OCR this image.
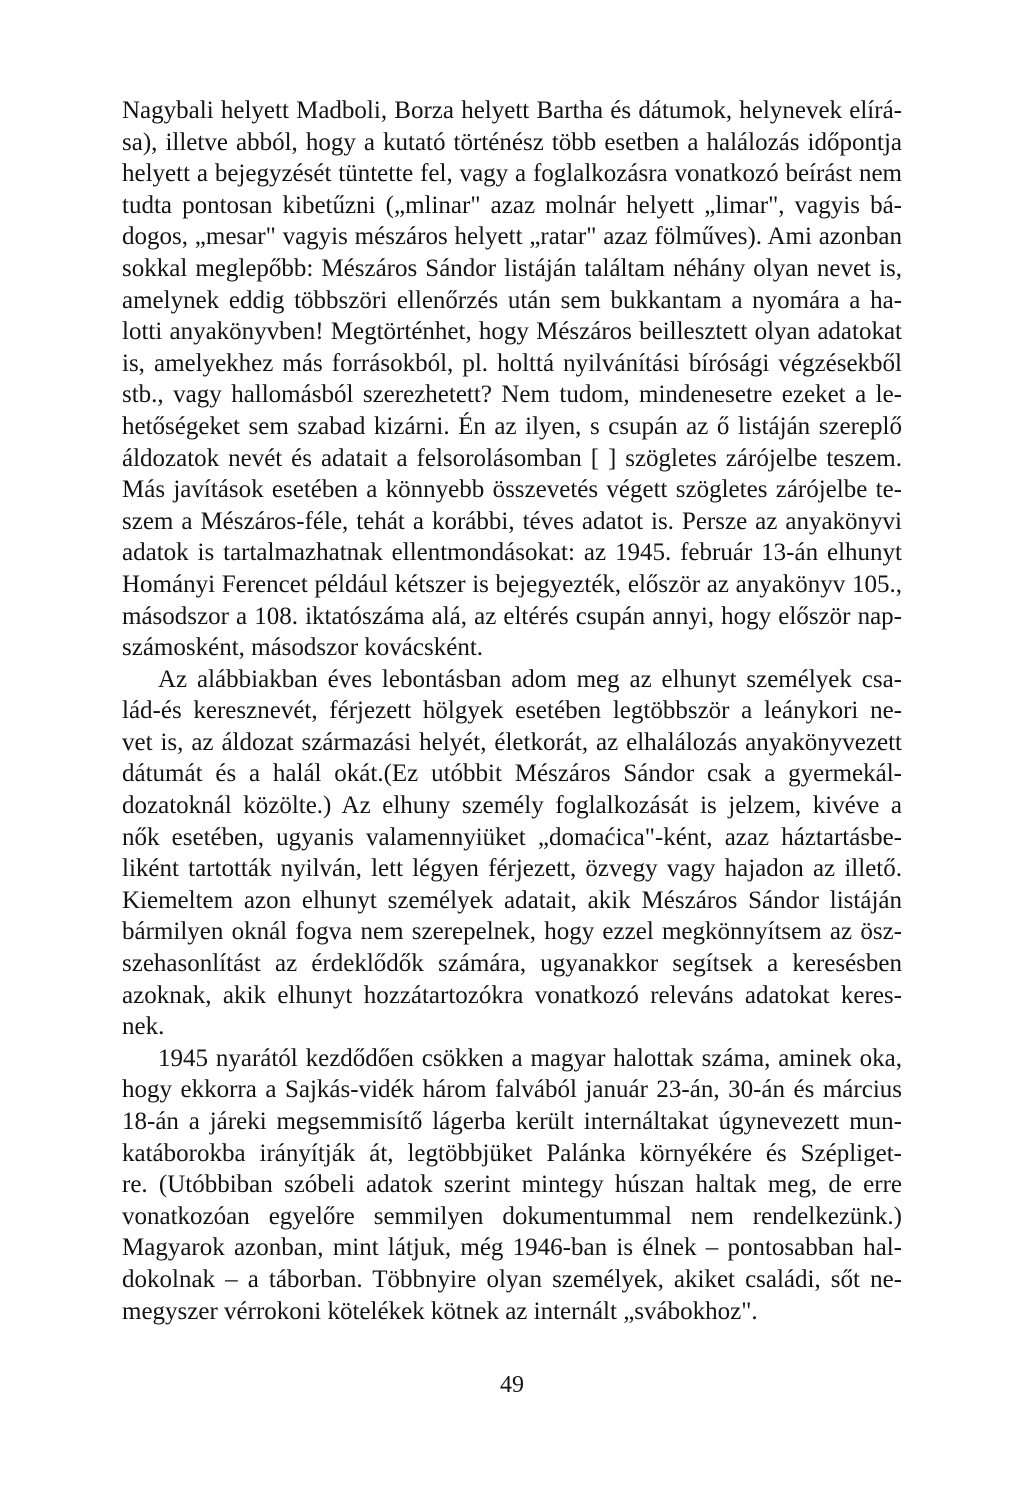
Nagybali helyett Madboli, Borza helyett Bartha és dátumok, helynevek elírá-
sa), illetve abból, hogy a kutató történész több esetben a halálozás időpontja
helyett a bejegyzését tüntette fel, vagy a foglalkozásra vonatkozó beírást nem
tudta pontosan kibetűzni („mlinar" azaz molnár helyett „limar", vagyis bá-
dogos, „mesar" vagyis mészáros helyett „ratar" azaz fölműves). Ami azonban
sokkal meglepőbb: Mészáros Sándor listáján találtam néhány olyan nevet is,
amelynek eddig többszöri ellenőrzés után sem bukkantam a nyomára a ha-
lotti anyakönyvben! Megtörténhet, hogy Mészáros beillesztett olyan adatokat
is, amelyekhez más forrásokból, pl. holttá nyilvánítási bírósági végzésekből
stb., vagy hallomásból szerezhetett? Nem tudom, mindenesetre ezeket a le-
hetőségeket sem szabad kizárni. Én az ilyen, s csupán az ő listáján szereplő
áldozatok nevét és adatait a felsorolásomban [ ] szögletes zárójelbe teszem.
Más javítások esetében a könnyebb összevetés végett szögletes zárójelbe te-
szem a Mészáros-féle, tehát a korábbi, téves adatot is. Persze az anyakönyvi
adatok is tartalmazhatnak ellentmondásokat: az 1945. február 13-án elhunyt
Hományi Ferencet például kétszer is bejegyezték, először az anyakönyv 105.,
másodszor a 108. iktatószáma alá, az eltérés csupán annyi, hogy először nap-
számosként, másodszor kovácsként.
Az alábbiakban éves lebontásban adom meg az elhunyt személyek csa-
lád-és keresznevét, férjezett hölgyek esetében legtöbbször a leánykori ne-
vet is, az áldozat származási helyét, életkorát, az elhalálozás anyakönyvezett
dátumát és a halál okát.(Ez utóbbit Mészáros Sándor csak a gyermekál-
dozatoknál közölte.) Az elhuny személy foglalkozását is jelzem, kivéve a
nők esetében, ugyanis valamennyiüket „domaćica"-ként, azaz háztartásbe-
liként tartották nyilván, lett légyen férjezett, özvegy vagy hajadon az illető.
Kiemeltem azon elhunyt személyek adatait, akik Mészáros Sándor listáján
bármilyen oknál fogva nem szerepelnek, hogy ezzel megkönnyítsem az ösz-
szehasonlítást az érdeklődők számára, ugyanakkor segítsek a keresésben
azoknak, akik elhunyt hozzátartozókra vonatkozó releváns adatokat keres-
nek.
1945 nyarától kezdődően csökken a magyar halottak száma, aminek oka,
hogy ekkorra a Sajkás-vidék három falvából január 23-án, 30-án és március
18-án a járeki megsemmisítő lágerba került internáltakat úgynevezett mun-
katáborokba irányítják át, legtöbbjüket Palánka környékére és Szépliget-
re. (Utóbbiban szóbeli adatok szerint mintegy húszan haltak meg, de erre
vonatkozóan egyelőre semmilyen dokumentummal nem rendelkezünk.)
Magyarok azonban, mint látjuk, még 1946-ban is élnek – pontosabban hal-
dokolnak – a táborban. Többnyire olyan személyek, akiket családi, sőt ne-
megyszer vérrokoni kötelékek kötnek az internált „svábokhoz".
49
